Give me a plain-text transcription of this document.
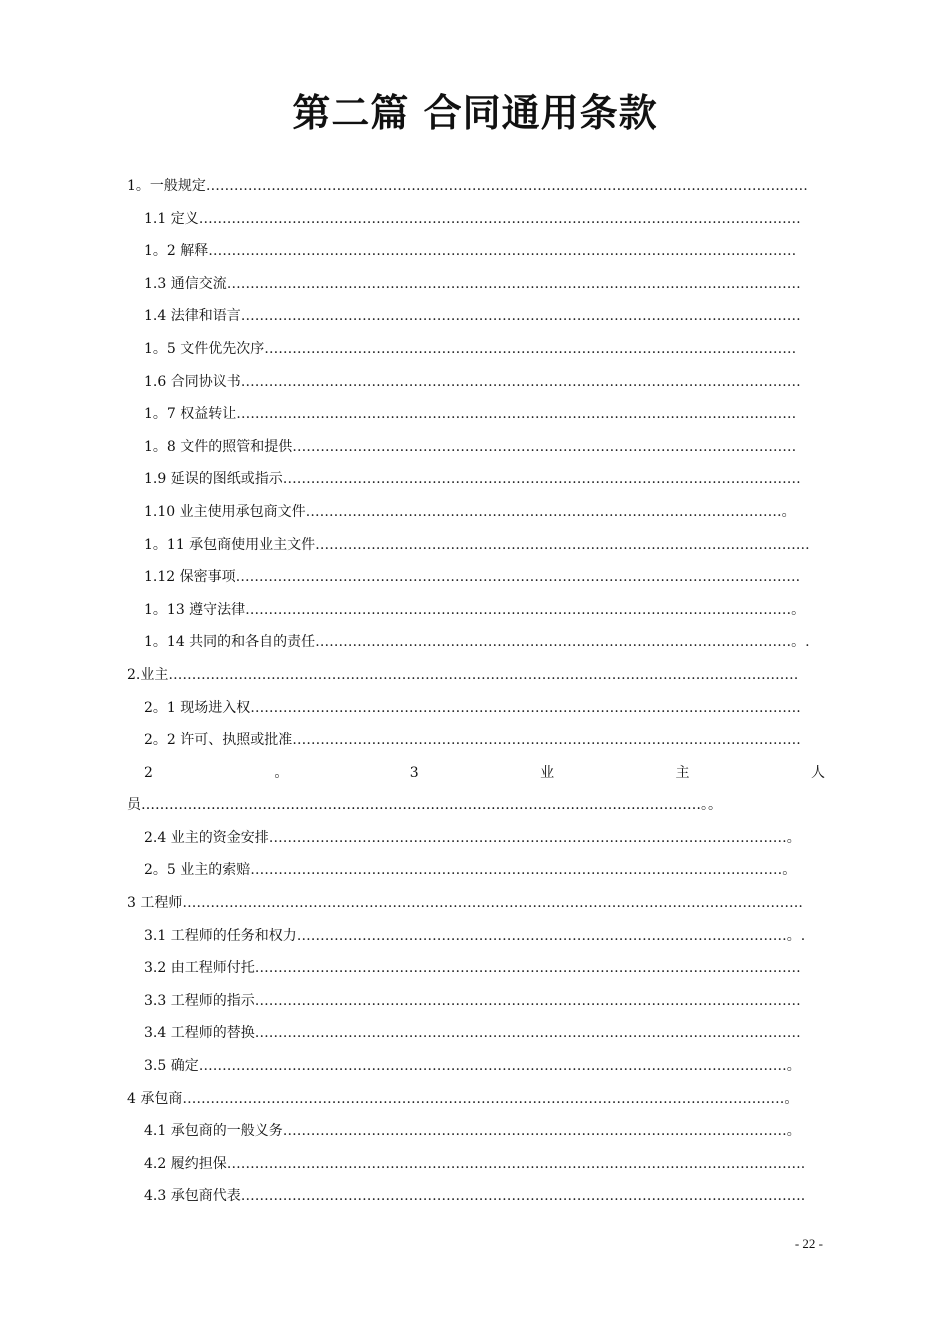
第二篇 合同通用条款
1。一般规定…………………………………………………………………………………………………………………
1.1 定义…………………………………………………………………………………………………………………
1。2 解释………………………………………………………………………………………………………………
1.3 通信交流……………………………………………………………………………………………………………
1.4 法律和语言…………………………………………………………………………………………………………
1。5 文件优先次序……………………………………………………………………………………………………
1.6 合同协议书…………………………………………………………………………………………………………
1。7 权益转让…………………………………………………………………………………………………………
1。8 文件的照管和提供………………………………………………………………………………………………
1.9 延误的图纸或指示…………………………………………………………………………………………………
1.10 业主使用承包商文件…………………………………………………………………………………………。
1。11 承包商使用业主文件…………………………………………………………………………………………….
1.12 保密事项………………………………………………………………………………………………………….
1。13 遵守法律………………………………………………………………………………………………………。
1。14 共同的和各自的责任…………………………………………………………………………………………。.
2.业主………………………………………………………………………………………………………………………
2。1 现场进入权……………………………………………………………………………………………………….
2。2 许可、执照或批准……………………………………………………………………………………………….
2	。	3	业	主	人
员…………………………………………………………………………………………………………。。
2.4 业主的资金安排…………………………………………………………………………………………………。
2。5 业主的索赔……………………………………………………………………………………………………。
3 工程师…………………………………………………………………………………………………………………….
3.1 工程师的任务和权力……………………………………………………………………………………………。.
3.2 由工程师付托………………………………………………………………………………………………………
3.3 工程师的指示………………………………………………………………………………………………………
3.4 工程师的替换………………………………………………………………………………………………………
3.5 确定………………………………………………………………………………………………………………。
4 承包商…………………………………………………………………………………………………………………。
4.1 承包商的一般义务………………………………………………………………………………………………。
4.2 履约担保…………………………………………………………………………………………………………….
4.3 承包商代表………………………………………………………………………………………………………….
- 22 -
